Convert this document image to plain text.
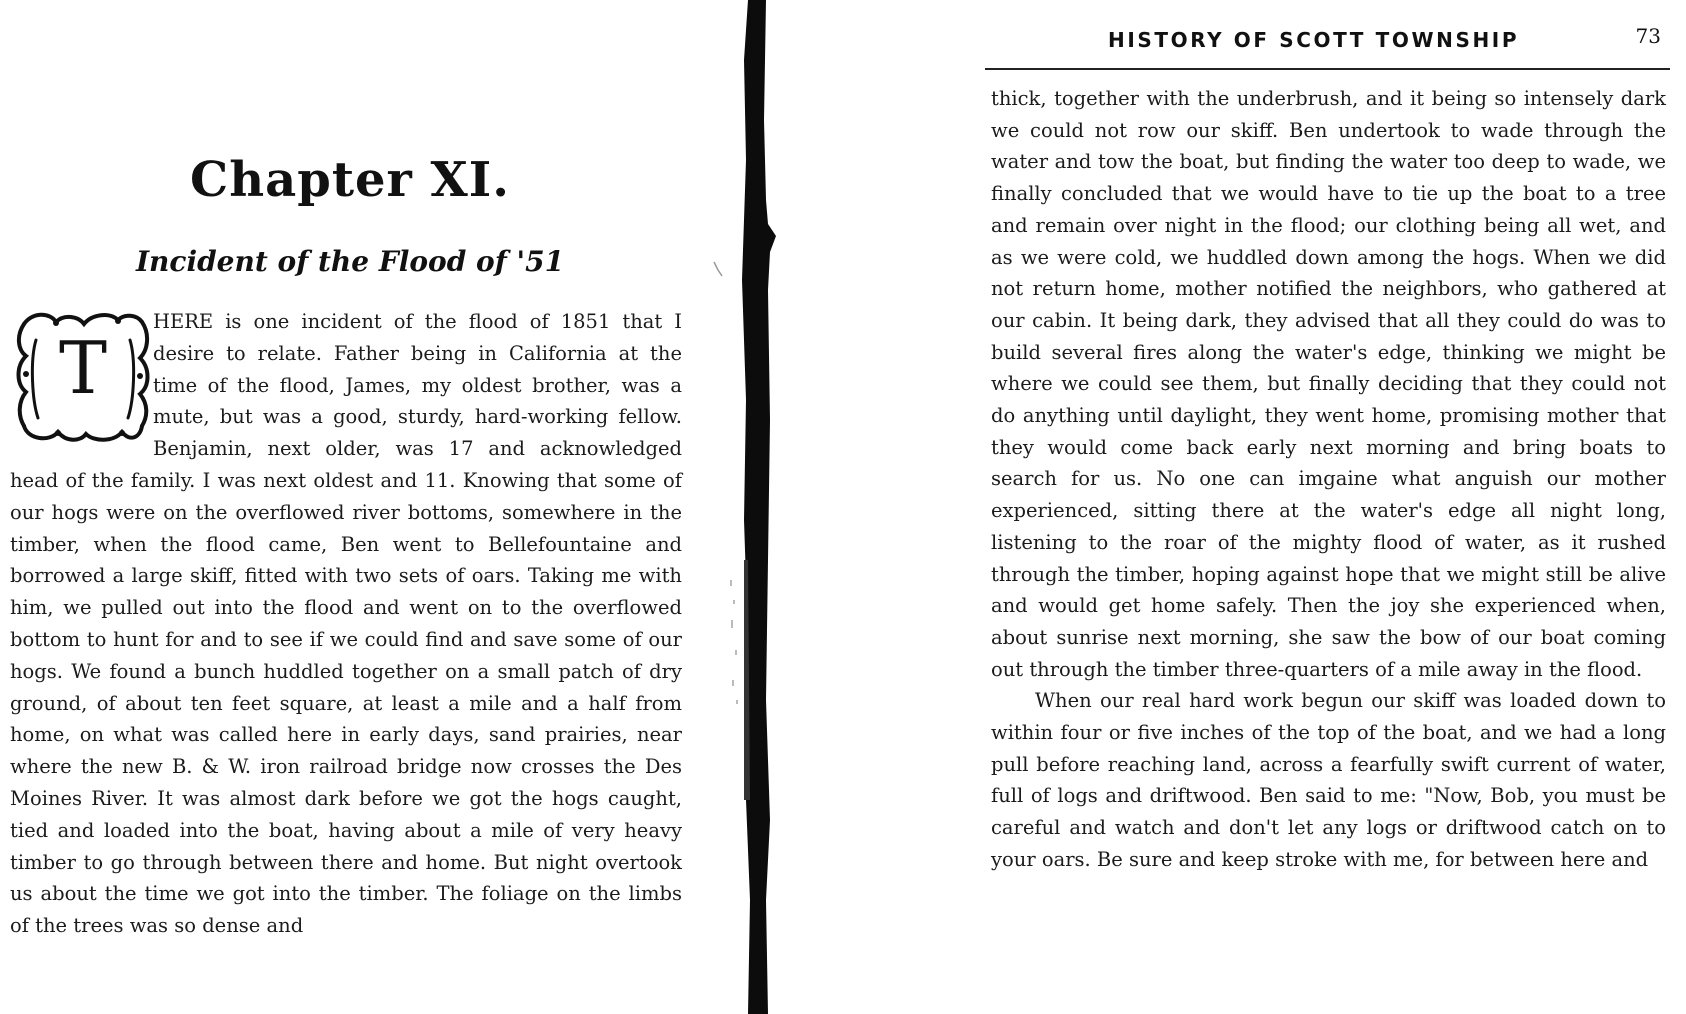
Chapter XI.
Incident of the Flood of '51
T
HERE is one incident of the flood of 1851 that I desire to relate. Father being in California at the time of the flood, James, my oldest brother, was a mute, but was a good, sturdy, hard-working fellow. Benjamin, next older, was 17 and acknowledged head of the family. I was next oldest and 11. Knowing that some of our hogs were on the overflowed river bottoms, somewhere in the timber, when the flood came, Ben went to Bellefountaine and borrowed a large skiff, fitted with two sets of oars. Taking me with him, we pulled out into the flood and went on to the overflowed bottom to hunt for and to see if we could find and save some of our hogs. We found a bunch huddled together on a small patch of dry ground, of about ten feet square, at least a mile and a half from home, on what was called here in early days, sand prairies, near where the new B. & W. iron railroad bridge now crosses the Des Moines River. It was almost dark before we got the hogs caught, tied and loaded into the boat, having about a mile of very heavy timber to go through between there and home. But night overtook us about the time we got into the timber. The foliage on the limbs of the trees was so dense and
HISTORY OF SCOTT TOWNSHIP	73

thick, together with the underbrush, and it being so intensely dark we could not row our skiff. Ben undertook to wade through the water and tow the boat, but finding the water too deep to wade, we finally concluded that we would have to tie up the boat to a tree and remain over night in the flood; our clothing being all wet, and as we were cold, we huddled down among the hogs. When we did not return home, mother notified the neighbors, who gathered at our cabin. It being dark, they advised that all they could do was to build several fires along the water's edge, thinking we might be where we could see them, but finally deciding that they could not do anything until daylight, they went home, promising mother that they would come back early next morning and bring boats to search for us. No one can imgaine what anguish our mother experienced, sitting there at the water's edge all night long, listening to the roar of the mighty flood of water, as it rushed through the timber, hoping against hope that we might still be alive and would get home safely. Then the joy she experienced when, about sunrise next morning, she saw the bow of our boat coming out through the timber three-quarters of a mile away in the flood.

When our real hard work begun our skiff was loaded down to within four or five inches of the top of the boat, and we had a long pull before reaching land, across a fearfully swift current of water, full of logs and driftwood. Ben said to me: "Now, Bob, you must be careful and watch and don't let any logs or driftwood catch on to your oars. Be sure and keep stroke with me, for between here and
